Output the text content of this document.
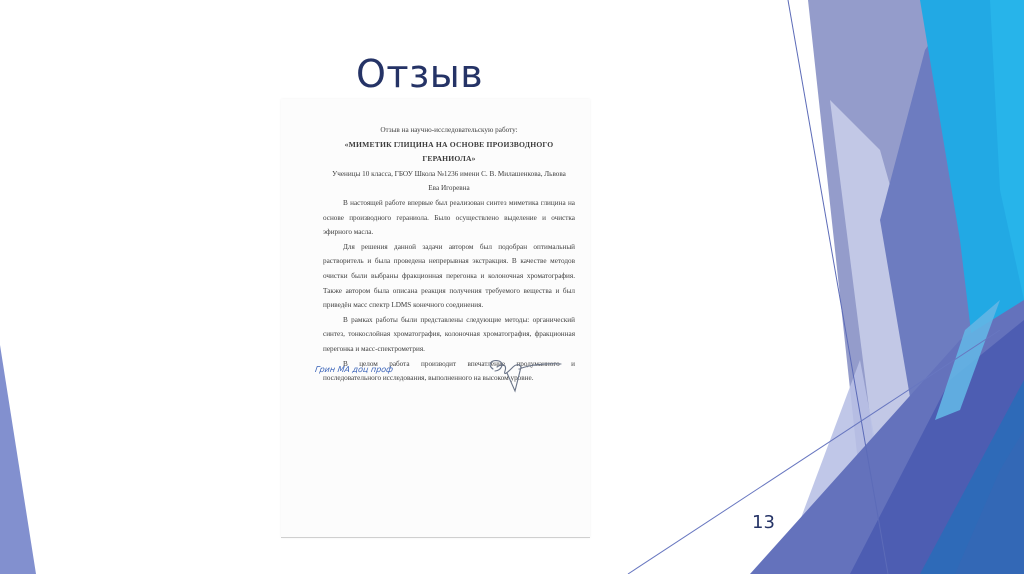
Отзыв
Отзыв на научно-исследовательскую работу:
«МИМЕТИК ГЛИЦИНА НА ОСНОВЕ ПРОИЗВОДНОГО
ГЕРАНИОЛА»
Ученицы 10 класса, ГБОУ Школа №1236 имени С. В. Милашенкова, Львова
Ева Игоревна

В настоящей работе впервые был реализован синтез миметика глицина на основе производного гераниола. Было осуществлено выделение и очистка эфирного масла.

Для решения данной задачи автором был подобран оптимальный растворитель и была проведена непрерывная экстракция. В качестве методов очистки были выбраны фракционная перегонка и колоночная хроматография. Также автором была описана реакция получения требуемого вещества и был приведён масс спектр LDMS конечного соединения.

В рамках работы были представлены следующие методы: органический синтез, тонкослойная хроматография, колоночная хроматография, фракционная перегонка и масс-спектрометрия.

В целом работа производит впечатление продуманного и последовательного исследования, выполненного на высоком уровне.

Грин МА доц проф
13
